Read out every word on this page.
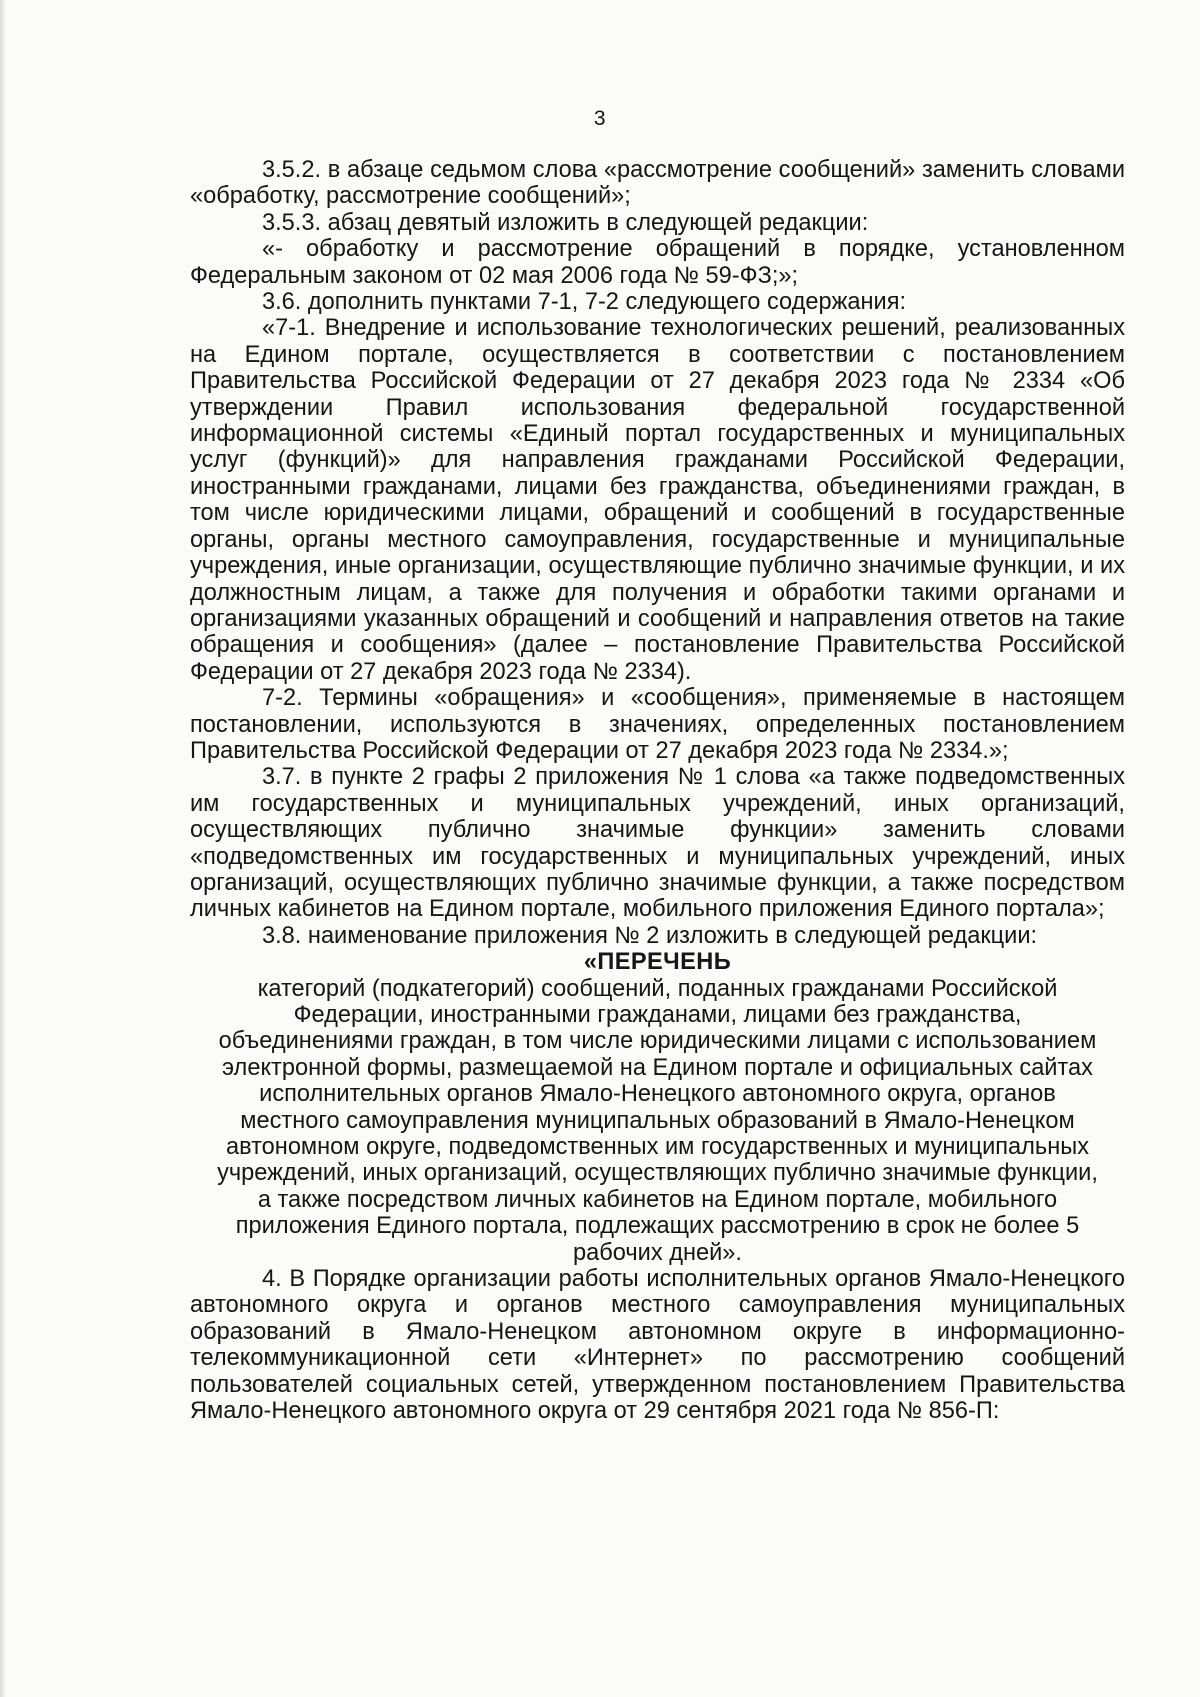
3

3.5.2. в абзаце седьмом слова «рассмотрение сообщений» заменить словами «обработку, рассмотрение сообщений»;

3.5.3. абзац девятый изложить в следующей редакции:

«- обработку и рассмотрение обращений в порядке, установленном Федеральным законом от 02 мая 2006 года № 59-ФЗ;»;

3.6. дополнить пунктами 7-1, 7-2 следующего содержания:

«7-1. Внедрение и использование технологических решений, реализованных на Едином портале, осуществляется в соответствии с постановлением Правительства Российской Федерации от 27 декабря 2023 года № 2334 «Об утверждении Правил использования федеральной государственной информационной системы «Единый портал государственных и муниципальных услуг (функций)» для направления гражданами Российской Федерации, иностранными гражданами, лицами без гражданства, объединениями граждан, в том числе юридическими лицами, обращений и сообщений в государственные органы, органы местного самоуправления, государственные и муниципальные учреждения, иные организации, осуществляющие публично значимые функции, и их должностным лицам, а также для получения и обработки такими органами и организациями указанных обращений и сообщений и направления ответов на такие обращения и сообщения» (далее – постановление Правительства Российской Федерации от 27 декабря 2023 года № 2334).

7-2. Термины «обращения» и «сообщения», применяемые в настоящем постановлении, используются в значениях, определенных постановлением Правительства Российской Федерации от 27 декабря 2023 года № 2334.»;

3.7. в пункте 2 графы 2 приложения № 1 слова «а также подведомственных им государственных и муниципальных учреждений, иных организаций, осуществляющих публично значимые функции» заменить словами «подведомственных им государственных и муниципальных учреждений, иных организаций, осуществляющих публично значимые функции, а также посредством личных кабинетов на Едином портале, мобильного приложения Единого портала»;

3.8. наименование приложения № 2 изложить в следующей редакции:

«ПЕРЕЧЕНЬ

категорий (подкатегорий) сообщений, поданных гражданами Российской Федерации, иностранными гражданами, лицами без гражданства, объединениями граждан, в том числе юридическими лицами с использованием электронной формы, размещаемой на Едином портале и официальных сайтах исполнительных органов Ямало-Ненецкого автономного округа, органов местного самоуправления муниципальных образований в Ямало-Ненецком автономном округе, подведомственных им государственных и муниципальных учреждений, иных организаций, осуществляющих публично значимые функции, а также посредством личных кабинетов на Едином портале, мобильного приложения Единого портала, подлежащих рассмотрению в срок не более 5 рабочих дней».

4. В Порядке организации работы исполнительных органов Ямало-Ненецкого автономного округа и органов местного самоуправления муниципальных образований в Ямало-Ненецком автономном округе в информационно-телекоммуникационной сети «Интернет» по рассмотрению сообщений пользователей социальных сетей, утвержденном постановлением Правительства Ямало-Ненецкого автономного округа от 29 сентября 2021 года № 856-П:
